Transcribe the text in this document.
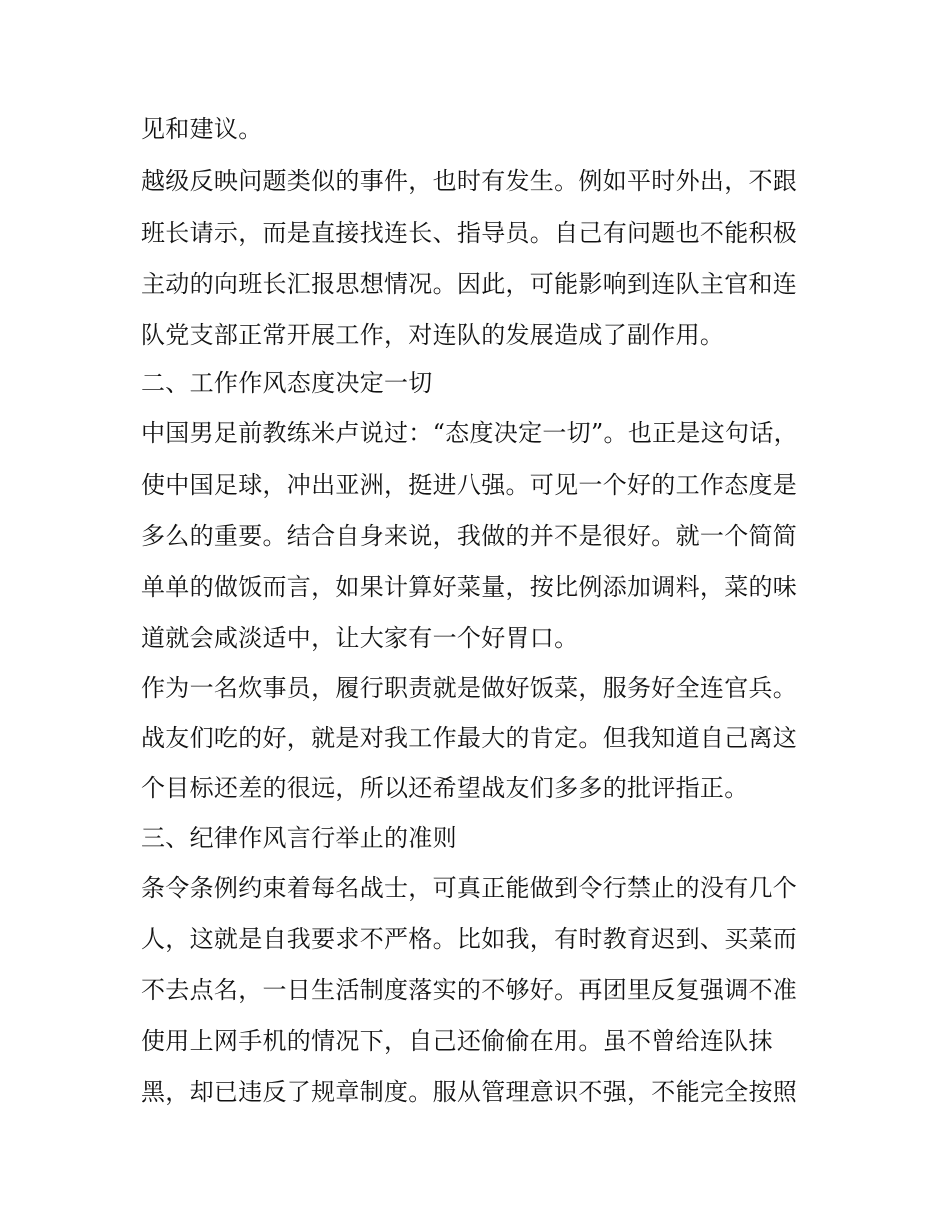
见和建议。
越级反映问题类似的事件，也时有发生。例如平时外出，不跟
班长请示，而是直接找连长、指导员。自己有问题也不能积极
主动的向班长汇报思想情况。因此，可能影响到连队主官和连
队党支部正常开展工作，对连队的发展造成了副作用。
二、工作作风态度决定一切
中国男足前教练米卢说过：“态度决定一切”。也正是这句话，
使中国足球，冲出亚洲，挺进八强。可见一个好的工作态度是
多么的重要。结合自身来说，我做的并不是很好。就一个简简
单单的做饭而言，如果计算好菜量，按比例添加调料，菜的味
道就会咸淡适中，让大家有一个好胃口。
作为一名炊事员，履行职责就是做好饭菜，服务好全连官兵。
战友们吃的好，就是对我工作最大的肯定。但我知道自己离这
个目标还差的很远，所以还希望战友们多多的批评指正。
三、纪律作风言行举止的准则
条令条例约束着每名战士，可真正能做到令行禁止的没有几个
人，这就是自我要求不严格。比如我，有时教育迟到、买菜而
不去点名，一日生活制度落实的不够好。再团里反复强调不准
使用上网手机的情况下，自己还偷偷在用。虽不曾给连队抹
黑，却已违反了规章制度。服从管理意识不强，不能完全按照
